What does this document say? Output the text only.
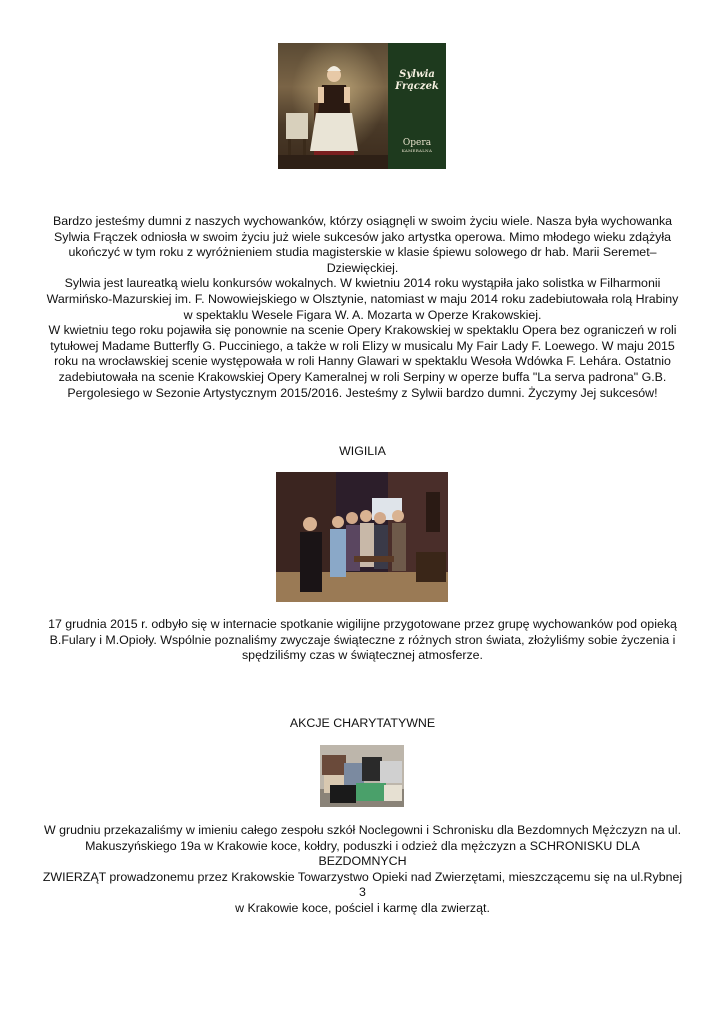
Sylwia
Frączek
Opera
KAMERALNA

Bardzo jesteśmy dumni z naszych wychowanków, którzy osiągnęli w swoim życiu wiele. Nasza była wychowanka
Sylwia Frączek odniosła w swoim życiu już wiele sukcesów jako artystka operowa. Mimo młodego wieku zdążyła
ukończyć w tym roku z wyróżnieniem studia magisterskie w klasie śpiewu solowego dr hab. Marii Seremet–
Dziewięckiej.
Sylwia jest laureatką wielu konkursów wokalnych. W kwietniu 2014 roku wystąpiła jako solistka w Filharmonii
Warmińsko-Mazurskiej im. F. Nowowiejskiego w Olsztynie, natomiast w maju 2014 roku zadebiutowała rolą Hrabiny
w spektaklu Wesele Figara W. A. Mozarta w Operze Krakowskiej.
W kwietniu tego roku pojawiła się ponownie na scenie Opery Krakowskiej w spektaklu Opera bez ograniczeń w roli
tytułowej Madame Butterfly G. Pucciniego, a także w roli Elizy w musicalu My Fair Lady F. Loewego. W maju 2015
roku na wrocławskiej scenie występowała w roli Hanny Glawari w spektaklu Wesoła Wdówka F. Lehára. Ostatnio
zadebiutowała na scenie Krakowskiej Opery Kameralnej w roli Serpiny w operze buffa "La serva padrona" G.B.
Pergolesiego w Sezonie Artystycznym 2015/2016. Jesteśmy z Sylwii bardzo dumni. Życzymy Jej sukcesów!

WIGILIA

17 grudnia 2015 r. odbyło się w internacie spotkanie wigilijne przygotowane przez grupę wychowanków pod opieką
B.Fulary i M.Opioły. Wspólnie poznaliśmy zwyczaje świąteczne z różnych stron świata, złożyliśmy sobie życzenia i
spędziliśmy czas w świątecznej atmosferze.

AKCJE CHARYTATYWNE

W grudniu przekazaliśmy w imieniu całego zespołu szkół Noclegowni i Schronisku dla Bezdomnych Mężczyzn na ul.
Makuszyńskiego 19a w Krakowie koce, kołdry, poduszki i odzież dla mężczyzn a SCHRONISKU DLA BEZDOMNYCH
ZWIERZĄT prowadzonemu przez Krakowskie Towarzystwo Opieki nad Zwierzętami, mieszczącemu się na ul.Rybnej 3
w Krakowie koce, pościel i karmę dla zwierząt.
